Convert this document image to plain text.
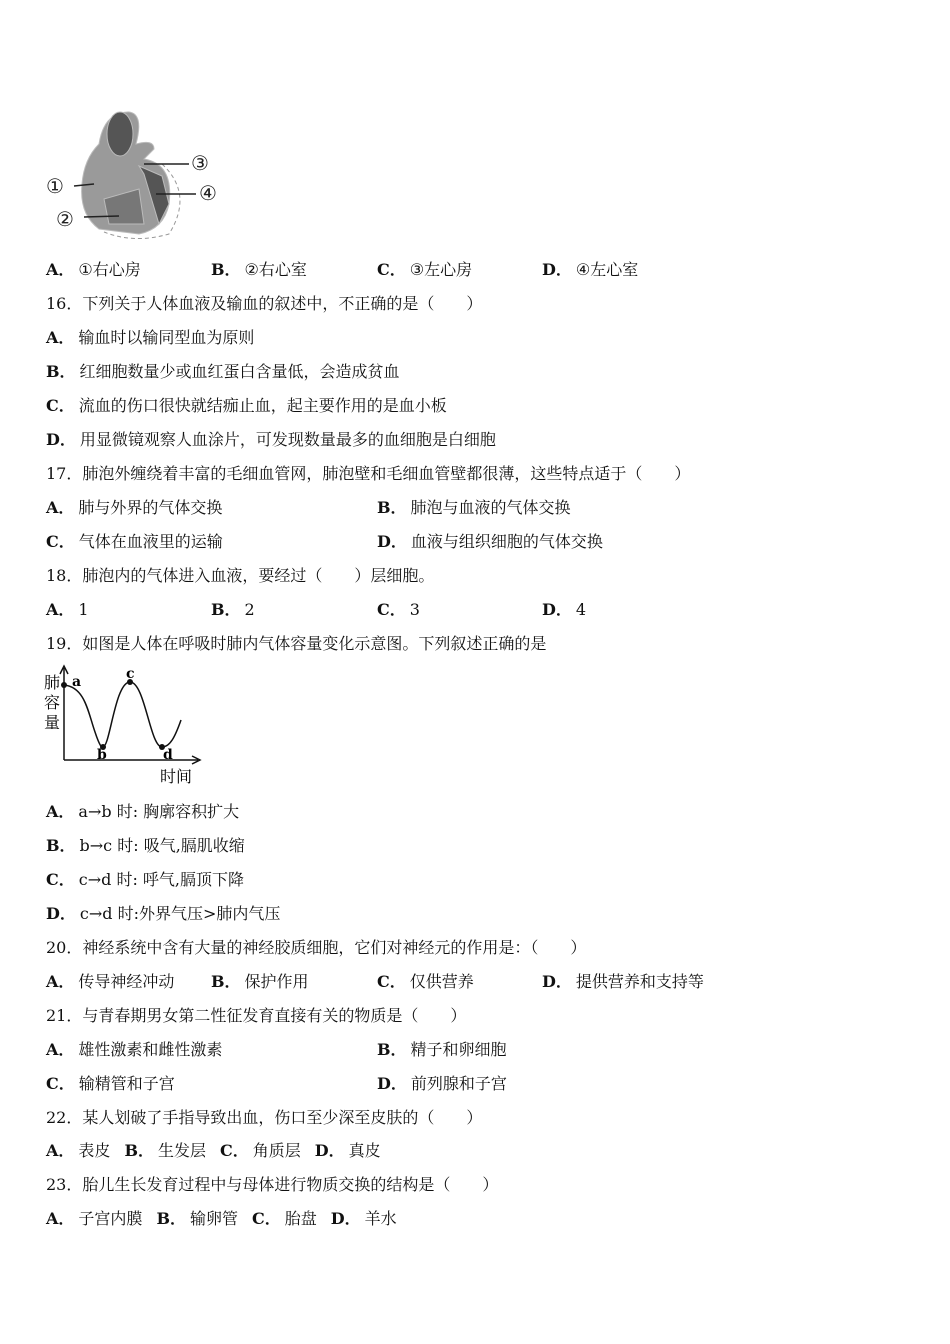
①
②
③
④
A． ①右心房	B． ②右心室	C． ③左心房	D． ④左心室
16．下列关于人体血液及输血的叙述中，不正确的是（　　）
A． 输血时以输同型血为原则
B． 红细胞数量少或血红蛋白含量低，会造成贫血
C． 流血的伤口很快就结痂止血，起主要作用的是血小板
D． 用显微镜观察人血涂片，可发现数量最多的血细胞是白细胞
17．肺泡外缠绕着丰富的毛细血管网，肺泡壁和毛细血管壁都很薄，这些特点适于（　　）
A． 肺与外界的气体交换	B． 肺泡与血液的气体交换
C． 气体在血液里的运输	D． 血液与组织细胞的气体交换
18．肺泡内的气体进入血液，要经过（　　）层细胞。
A． 1	B． 2	C． 3	D． 4
19．如图是人体在呼吸时肺内气体容量变化示意图。下列叙述正确的是
A． a→b 时: 胸廓容积扩大
B． b→c 时: 吸气,膈肌收缩
C． c→d 时: 呼气,膈顶下降
D． c→d 时:外界气压>肺内气压
20．神经系统中含有大量的神经胶质细胞，它们对神经元的作用是：（　　）
A． 传导神经冲动 B． 保护作用	C． 仅供营养	D． 提供营养和支持等
21．与青春期男女第二性征发育直接有关的物质是（　　）
A． 雄性激素和雌性激素	B． 精子和卵细胞
C． 输精管和子宫	D． 前列腺和子宫
22．某人划破了手指导致出血，伤口至少深至皮肤的（　　）
A． 表皮 B． 生发层 C． 角质层 D． 真皮
23．胎儿生长发育过程中与母体进行物质交换的结构是（　　）
A． 子宫内膜 B． 输卵管 C． 胎盘 D． 羊水
a
b
c
d
肺
容
量
时间
